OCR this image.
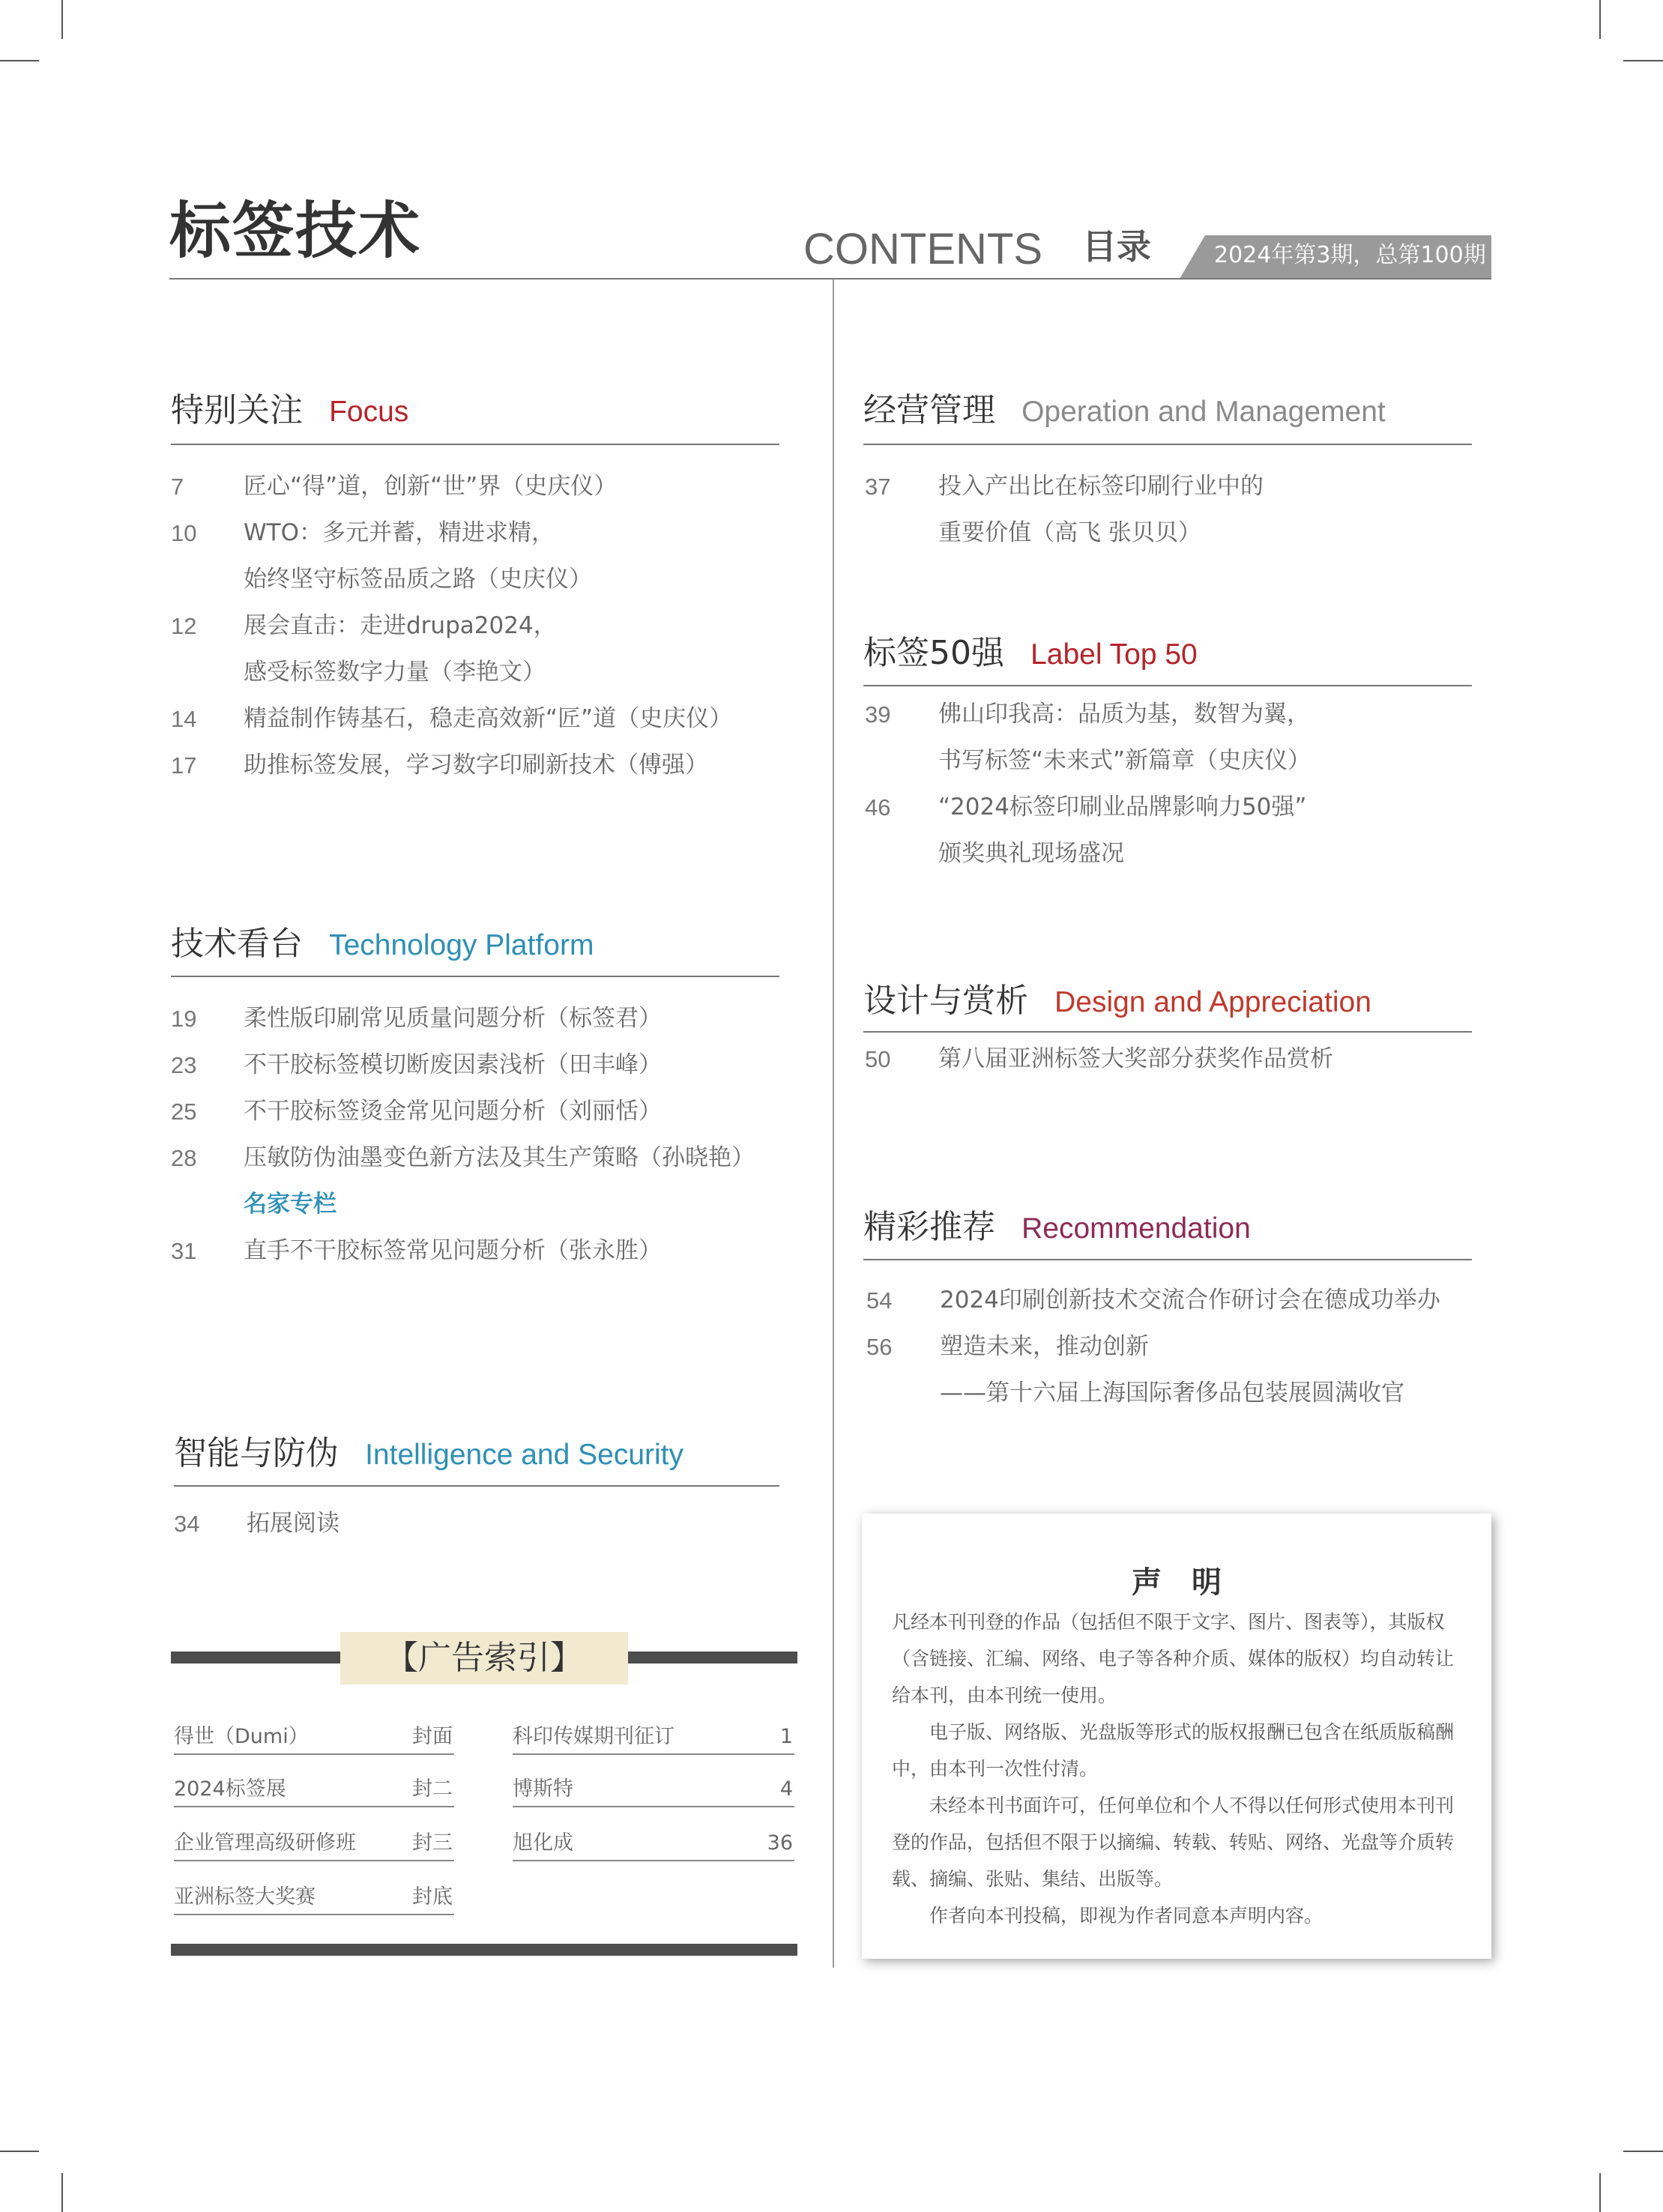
标签技术	CONTENTS 目录	2024年第3期，总第100期
特别关注 Focus
7	匠心“得”道，创新“世”界（史庆仪）
10 WTO：多元并蓄，精进求精，
始终坚守标签品质之路（史庆仪）
12 展会直击：走进drupa2024，
感受标签数字力量（李艳文）
14 精益制作铸基石，稳走高效新“匠”道（史庆仪）
17 助推标签发展，学习数字印刷新技术（傅强）
技术看台 Technology Platform
19 柔性版印刷常见质量问题分析（标签君）
23 不干胶标签模切断废因素浅析（田丰峰）
25 不干胶标签烫金常见问题分析（刘丽恬）
28 压敏防伪油墨变色新方法及其生产策略（孙晓艳）
名家专栏
31 直手不干胶标签常见问题分析（张永胜）
智能与防伪 Intelligence and Security
34 拓展阅读
【广告索引】
得世（Dumi）	封面
2024标签展	封二
企业管理高级研修班	封三
亚洲标签大奖赛	封底
科印传媒期刊征订	1
博斯特	4
旭化成	36
经营管理 Operation and Management
37 投入产出比在标签印刷行业中的
重要价值（高飞 张贝贝）
标签50强 Label Top 50
39 佛山印我高：品质为基，数智为翼，
书写标签“未来式”新篇章（史庆仪）
46 “2024标签印刷业品牌影响力50强”
颁奖典礼现场盛况
设计与赏析 Design and Appreciation
50 第八届亚洲标签大奖部分获奖作品赏析
精彩推荐 Recommendation
54 2024印刷创新技术交流合作研讨会在德成功举办
56 塑造未来，推动创新
——第十六届上海国际奢侈品包装展圆满收官
声明

凡经本刊刊登的作品（包括但不限于文字、图片、图表等），其版权（含链接、汇编、网络、电子等各种介质、媒体的版权）均自动转让给本刊，由本刊统一使用。

电子版、网络版、光盘版等形式的版权报酬已包含在纸质版稿酬中，由本刊一次性付清。

未经本刊书面许可，任何单位和个人不得以任何形式使用本刊刊登的作品，包括但不限于以摘编、转载、转贴、网络、光盘等介质转载、摘编、张贴、集结、出版等。

作者向本刊投稿，即视为作者同意本声明内容。
